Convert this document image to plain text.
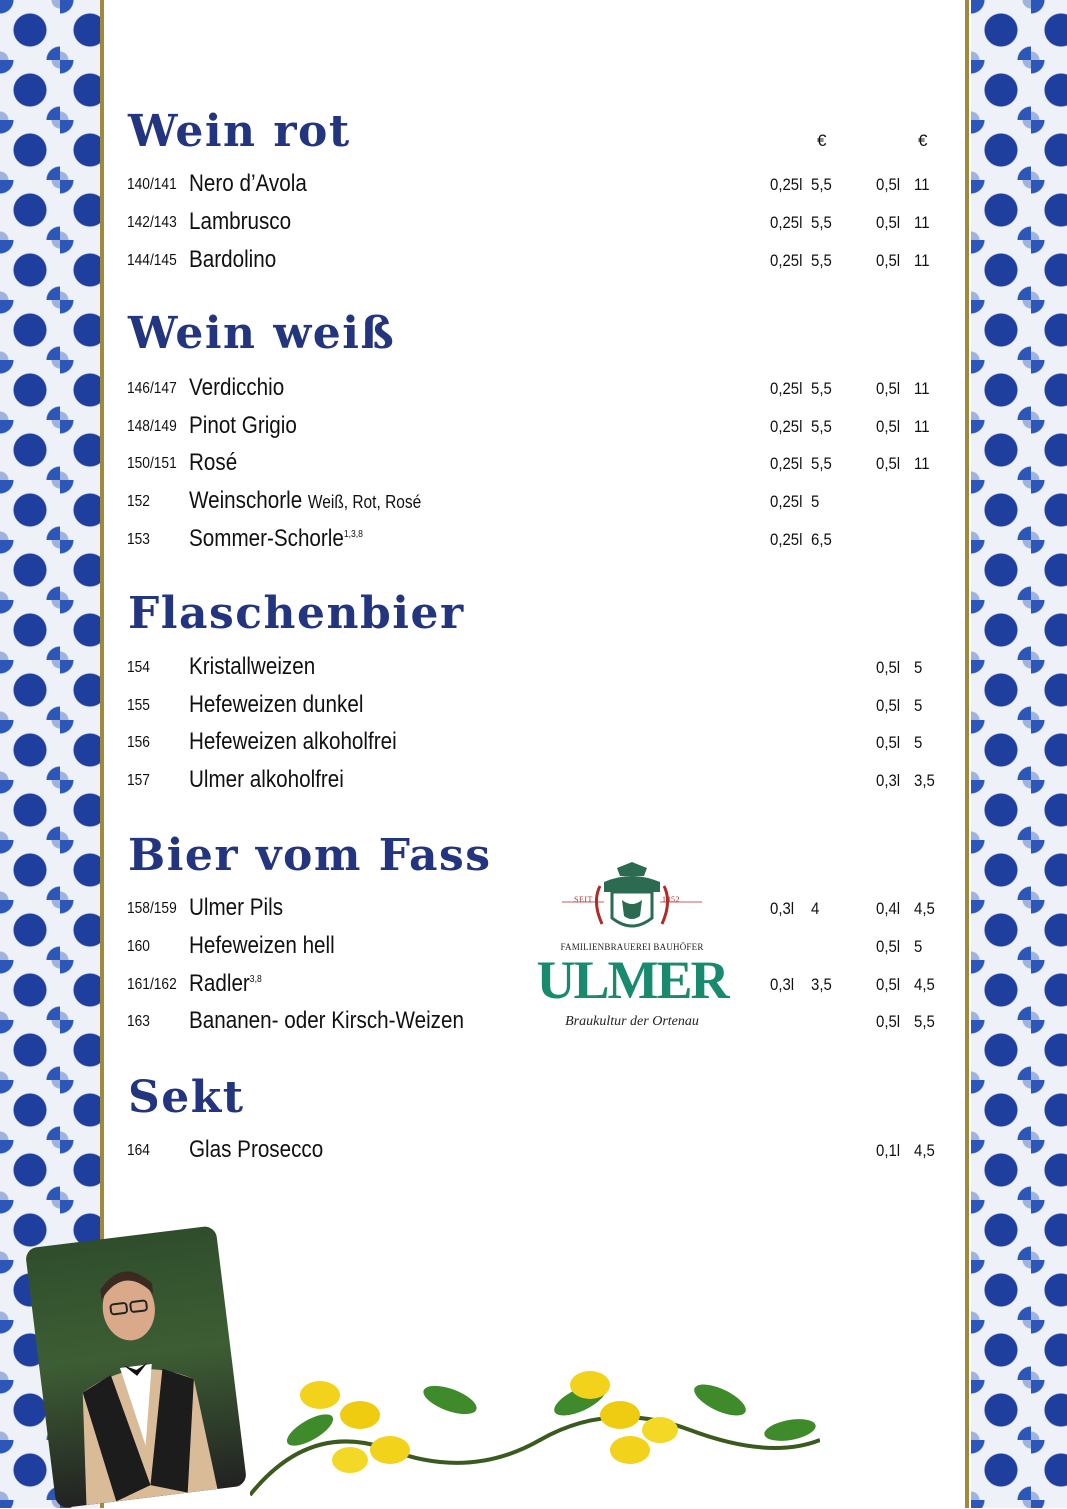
€	€
Wein rot
140/141 Nero d’Avola	0,25l 5,5	0,5l 11
142/143 Lambrusco	0,25l 5,5	0,5l 11
144/145 Bardolino	0,25l 5,5	0,5l 11
Wein weiß
146/147 Verdicchio	0,25l 5,5	0,5l 11
148/149 Pinot Grigio	0,25l 5,5	0,5l 11
150/151 Rosé	0,25l 5,5	0,5l 11
152 Weinschorle Weiß, Rot, Rosé	0,25l 5
153 Sommer-Schorle$^{1,3,8}$	0,25l 6,5
Flaschenbier
154 Kristallweizen	0,5l 5
155 Hefeweizen dunkel	0,5l 5
156 Hefeweizen alkoholfrei	0,5l 5
157 Ulmer alkoholfrei	0,3l 3,5
Bier vom Fass
158/159 Ulmer Pils	0,3l 4	0,4l 4,5
160 Hefeweizen hell	0,5l 5
161/162 Radler$^{3,8}$	0,3l 3,5	0,5l 4,5
163 Bananen- oder Kirsch-Weizen	0,5l 5,5
Sekt
164 Glas Prosecco	0,1l 4,5
SEIT	1852
FAMILIENBRAUEREI BAUHÖFER
ULMER
Braukultur der Ortenau
